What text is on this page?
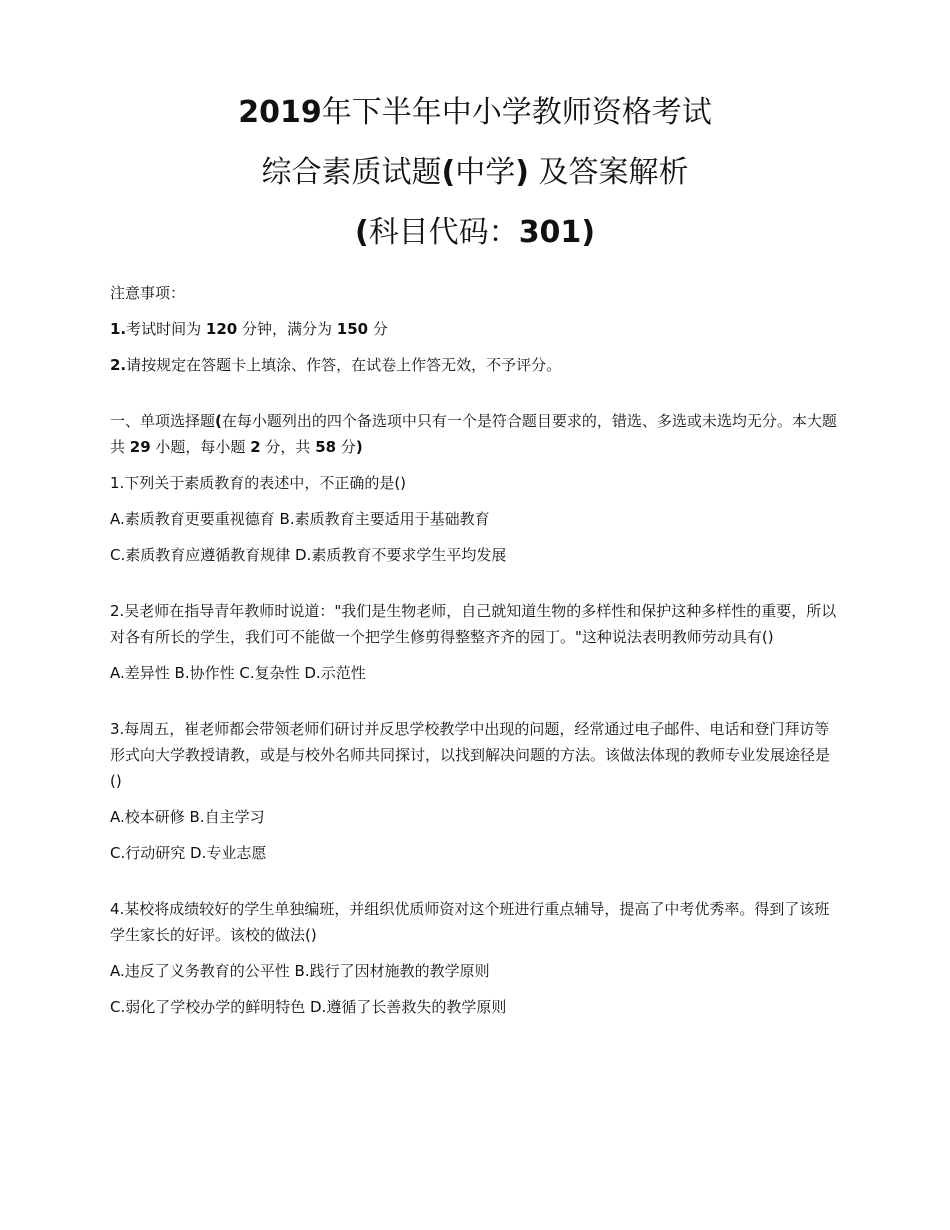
2019年下半年中小学教师资格考试

综合素质试题(中学) 及答案解析

(科目代码：301)

注意事项：

1.考试时间为 120 分钟，满分为 150 分

2.请按规定在答题卡上填涂、作答，在试卷上作答无效，不予评分。

一、单项选择题(在每小题列出的四个备选项中只有一个是符合题目要求的，错选、多选或未选均无分。本大题共 29 小题，每小题 2 分，共 58 分)

1.下列关于素质教育的表述中，不正确的是()

A.素质教育更要重视德育 B.素质教育主要适用于基础教育

C.素质教育应遵循教育规律 D.素质教育不要求学生平均发展

2.吴老师在指导青年教师时说道："我们是生物老师，自己就知道生物的多样性和保护这种多样性的重要，所以对各有所长的学生，我们可不能做一个把学生修剪得整整齐齐的园丁。"这种说法表明教师劳动具有()

A.差异性 B.协作性 C.复杂性 D.示范性

3.每周五，崔老师都会带领老师们研讨并反思学校教学中出现的问题，经常通过电子邮件、电话和登门拜访等形式向大学教授请教，或是与校外名师共同探讨，以找到解决问题的方法。该做法体现的教师专业发展途径是()

A.校本研修 B.自主学习

C.行动研究 D.专业志愿

4.某校将成绩较好的学生单独编班，并组织优质师资对这个班进行重点辅导，提高了中考优秀率。得到了该班学生家长的好评。该校的做法()

A.违反了义务教育的公平性 B.践行了因材施教的教学原则

C.弱化了学校办学的鲜明特色 D.遵循了长善救失的教学原则
